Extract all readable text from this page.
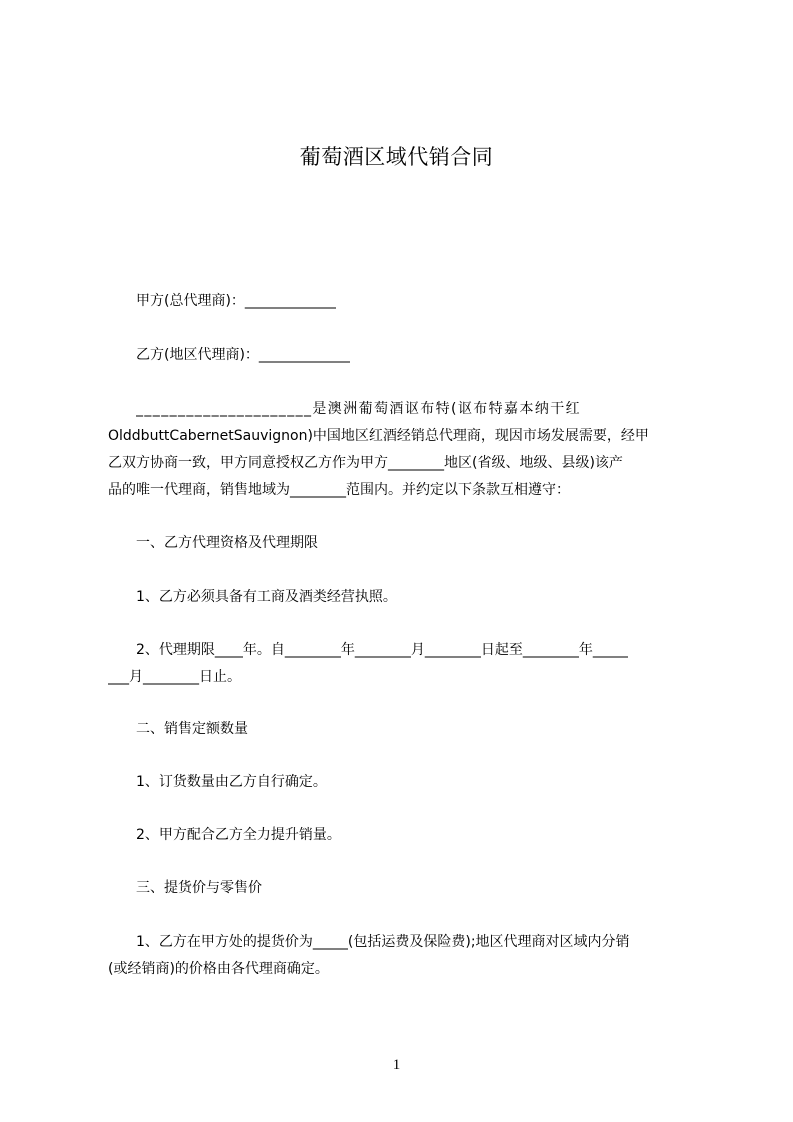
葡萄酒区域代销合同
甲方(总代理商)：_____________
乙方(地区代理商)：_____________
_____________________是澳洲葡萄酒讴布特(讴布特嘉本纳干红
OlddbuttCabernetSauvignon)中国地区红酒经销总代理商，现因市场发展需要，经甲
乙双方协商一致，甲方同意授权乙方作为甲方________地区(省级、地级、县级)该产
品的唯一代理商，销售地域为________范围内。并约定以下条款互相遵守：
一、乙方代理资格及代理期限
1、乙方必须具备有工商及酒类经营执照。
2、代理期限____年。自________年________月________日起至________年_____
___月________日止。
二、销售定额数量
1、订货数量由乙方自行确定。
2、甲方配合乙方全力提升销量。
三、提货价与零售价
1、乙方在甲方处的提货价为_____(包括运费及保险费);地区代理商对区域内分销
(或经销商)的价格由各代理商确定。
1
